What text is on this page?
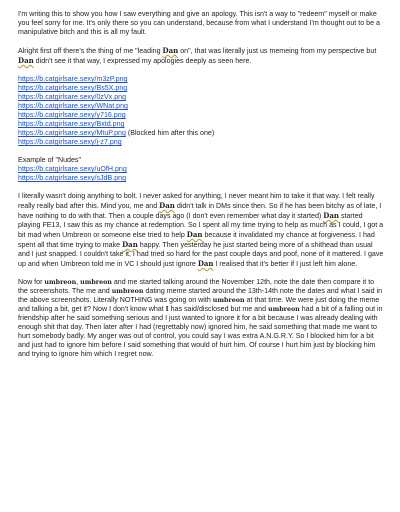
I'm writing this to show you how I saw everything and give an apology. This isn't a way to "redeem" myself or make you feel sorry for me. It's only there so you can understand, because from what I understand I'm thought out to be a manipulative bitch and this is all my fault.

Alright first off there's the thing of me "leading Dan on", that was literally just us memeing from my perspective but Dan didn't see it that way, I expressed my apologies deeply as seen here.

https://b.catgirlsare.sexy/m3zP.png
https://b.catgirlsare.sexy/Bs5X.png
https://b.catgirlsare.sexy/0zVx.png
https://b.catgirlsare.sexy/WNat.png
https://b.catgirlsare.sexy/y716.png
https://b.catgirlsare.sexy/Bxtd.png
https://b.catgirlsare.sexy/MtuP.png (Blocked him after this one)
https://b.catgirlsare.sexy/j-z7.png
Example of "Nudes"
https://b.catgirlsare.sexy/uOfH.png
https://b.catgirlsare.sexy/sJdB.png

I literally wasn't doing anything to bolt. I never asked for anything, I never meant him to take it that way. I felt really really really bad after this. Mind you, me and Dan didn't talk in DMs since then. So if he has been bitchy as of late, I have nothing to do with that. Then a couple days ago (I don't even remember what day it started) Dan started playing FE13, I saw this as my chance at redemption. So I spent all my time trying to help as much as I could, I got a bit mad when Umbreon or someone else tried to help Dan because it invalidated my chance at forgiveness. I had spent all that time trying to make Dan happy. Then yesterday he just started being more of a shithead than usual and I just snapped. I couldn't take it, I had tried so hard for the past couple days and poof, none of it mattered. I gave up and when Umbreon told me in VC I should just ignore Dan I realised that it's better if I just left him alone.

Now for umbreon, umbreon and me started talking around the November 12th, note the date then compare it to the screenshots. The me and umbreon dating meme started around the 13th-14th note the dates and what I said in the above screenshots. Literally NOTHING was going on with umbreon at that time. We were just doing the meme and talking a bit, get it? Now I don't know what I has said/disclosed but me and umbreon had a bit of a falling out in friendship after he said something serious and I just wanted to ignore it for a bit because I was already dealing with enough shit that day. Then later after I had (regrettably now) ignored him, he said something that made me want to hurt somebody badly. My anger was out of control, you could say I was extra A.N.G.R.Y. So I blocked him for a bit and just had to ignore him before I said something that would of hurt him. Of course I hurt him just by blocking him and trying to ignore him which I regret now.
